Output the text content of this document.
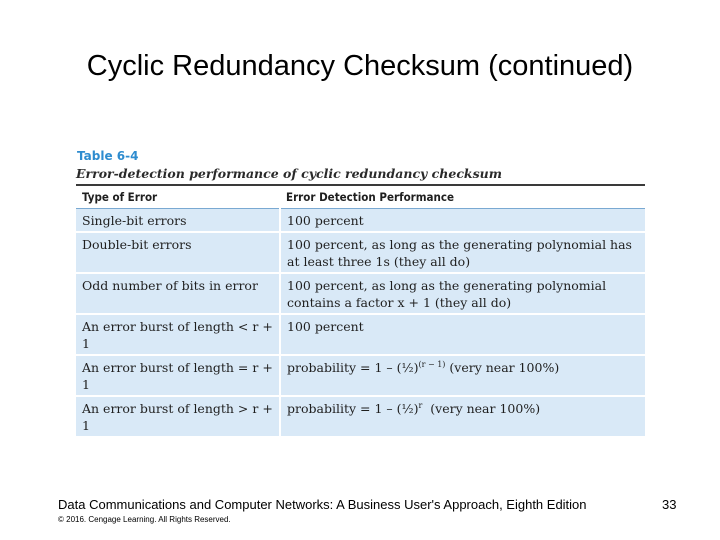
Cyclic Redundancy Checksum (continued)
Table 6-4
Error-detection performance of cyclic redundancy checksum
Type of Error	Error Detection Performance
Single-bit errors	100 percent
Double-bit errors	100 percent, as long as the generating polynomial has at least three 1s (they all do)
Odd number of bits in error	100 percent, as long as the generating polynomial contains a factor x + 1 (they all do)
An error burst of length < r + 1	100 percent
An error burst of length = r + 1	probability = 1 – (½)$^{(r - 1)}$ (very near 100%)
An error burst of length > r + 1	probability = 1 – (½)$^r$  (very near 100%)
Data Communications and Computer Networks: A Business User's Approach, Eighth Edition	33
© 2016. Cengage Learning. All Rights Reserved.
